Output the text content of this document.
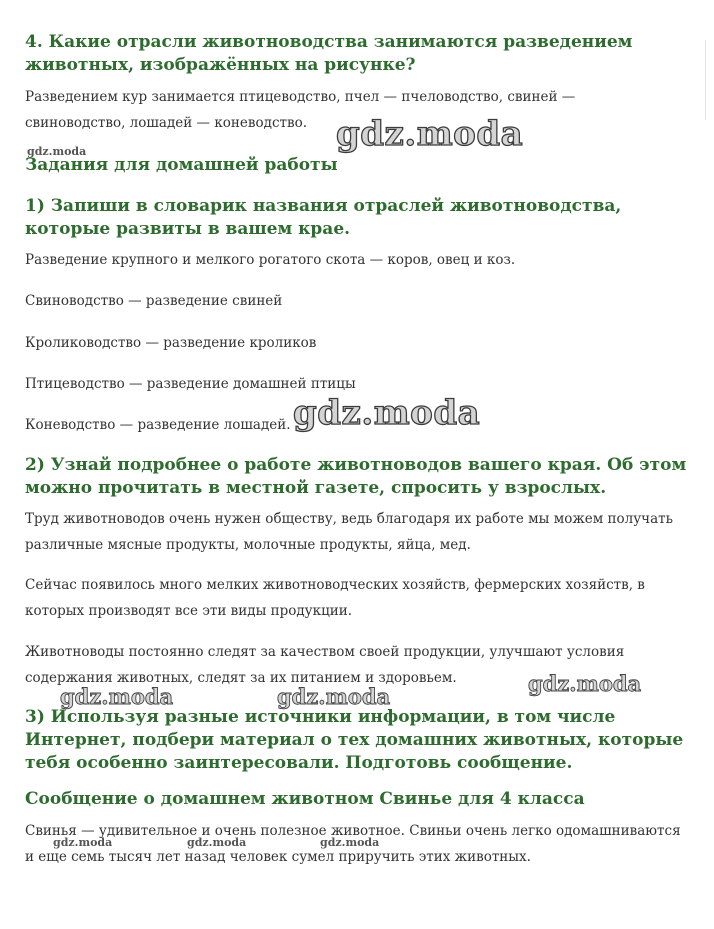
4. Какие отрасли животноводства занимаются разведением животных, изображённых на рисунке?

Разведением кур занимается птицеводство, пчел — пчеловодство, свиней — свиноводство, лошадей — коневодство.

Задания для домашней работы
1) Запиши в словарик названия отраслей животноводства, которые развиты в вашем крае.

Разведение крупного и мелкого рогатого скота — коров, овец и коз.

Свиноводство — разведение свиней

Кролиководство — разведение кроликов

Птицеводство — разведение домашней птицы

Коневодство — разведение лошадей.

2) Узнай подробнее о работе животноводов вашего края. Об этом можно прочитать в местной газете, спросить у взрослых.

Труд животноводов очень нужен обществу, ведь благодаря их работе мы можем получать различные мясные продукты, молочные продукты, яйца, мед.

Сейчас появилось много мелких животноводческих хозяйств, фермерских хозяйств, в которых производят все эти виды продукции.

Животноводы постоянно следят за качеством своей продукции, улучшают условия содержания животных, следят за их питанием и здоровьем.

3) Используя разные источники информации, в том числе Интернет, подбери материал о тех домашних животных, которые тебя особенно заинтересовали. Подготовь сообщение.
Сообщение о домашнем животном Свинье для 4 класса

Свинья — удивительное и очень полезное животное. Свиньи очень легко одомашниваются и еще семь тысяч лет назад человек сумел приручить этих животных.

gdz.moda
gdz.moda
gdz.moda
gdz.moda	gdz.moda
gdz.moda
gdz.moda	gdz.moda	gdz.moda
